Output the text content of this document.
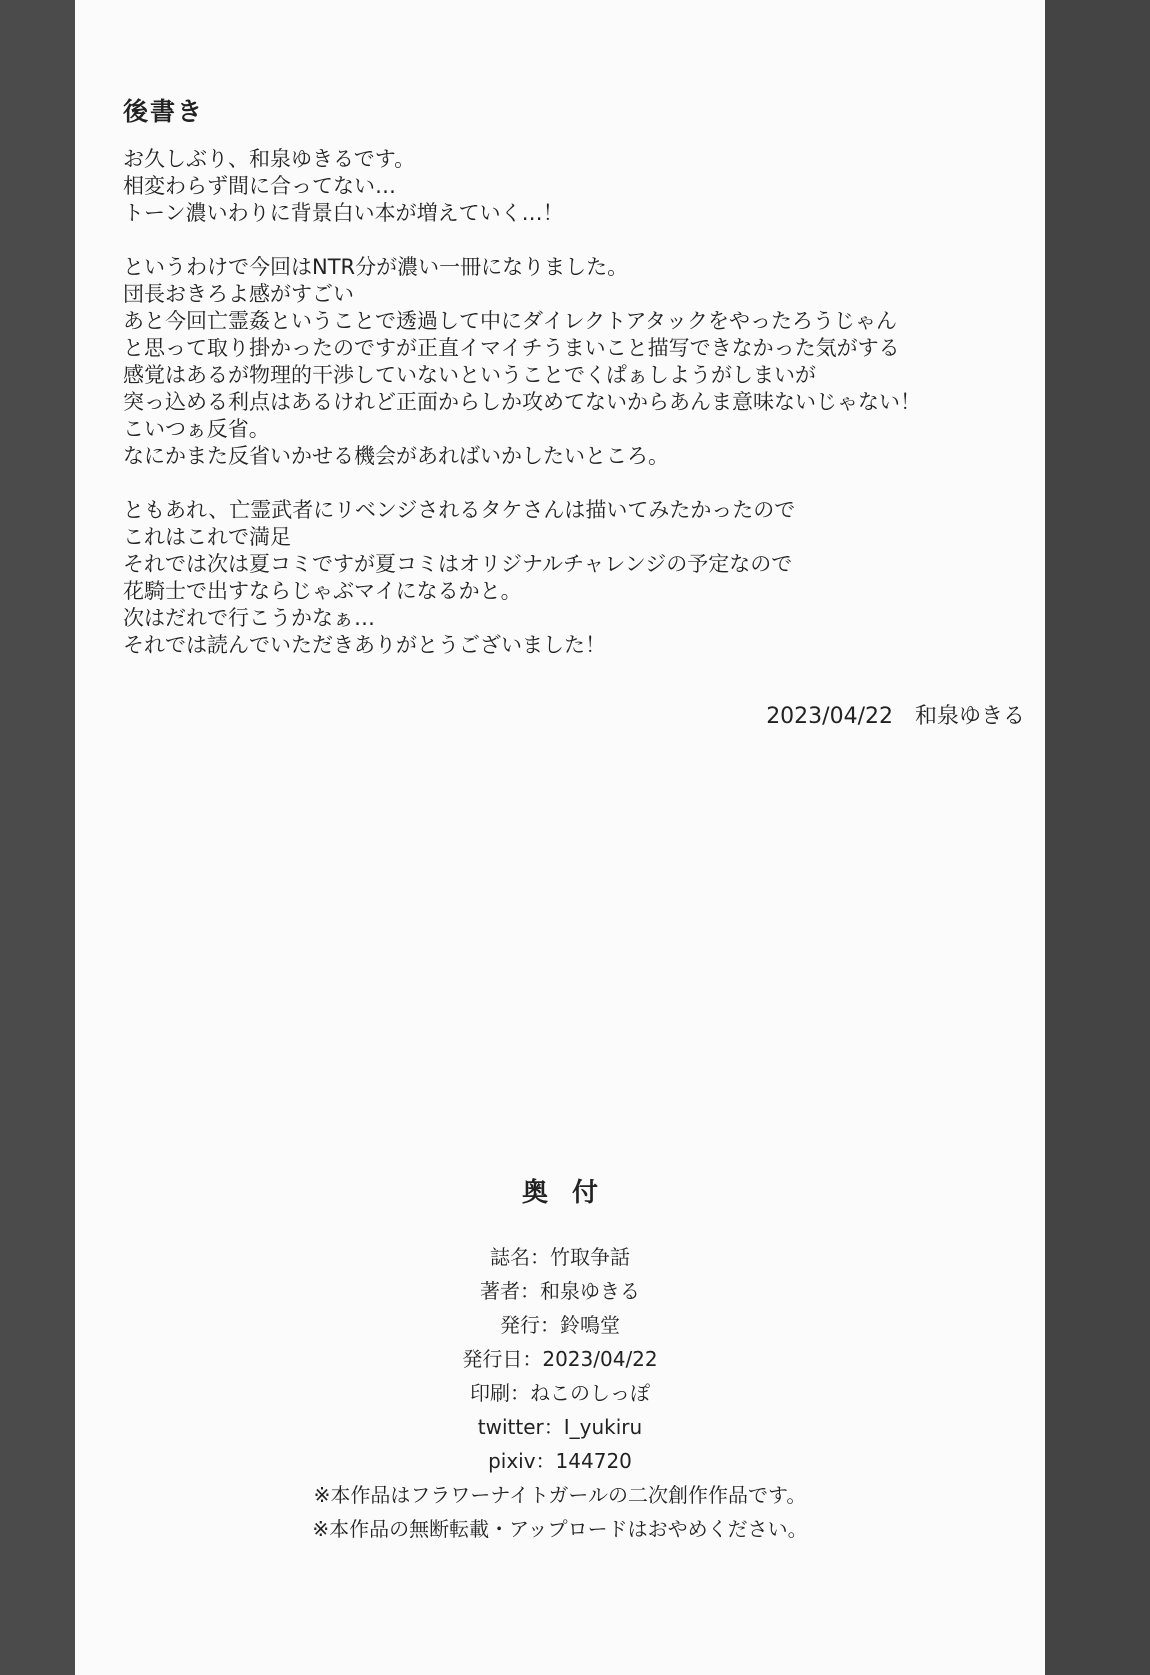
後書き
お久しぶり、和泉ゆきるです。
相変わらず間に合ってない…
トーン濃いわりに背景白い本が増えていく…！
というわけで今回はNTR分が濃い一冊になりました。
団長おきろよ感がすごい
あと今回亡霊姦ということで透過して中にダイレクトアタックをやったろうじゃん
と思って取り掛かったのですが正直イマイチうまいこと描写できなかった気がする
感覚はあるが物理的干渉していないということでくぱぁしようがしまいが
突っ込める利点はあるけれど正面からしか攻めてないからあんま意味ないじゃない！
こいつぁ反省。
なにかまた反省いかせる機会があればいかしたいところ。
ともあれ、亡霊武者にリベンジされるタケさんは描いてみたかったので
これはこれで満足
それでは次は夏コミですが夏コミはオリジナルチャレンジの予定なので
花騎士で出すならじゃぶマイになるかと。
次はだれで行こうかなぁ…
それでは読んでいただきありがとうございました！
2023/04/22　和泉ゆきる
奥付
誌名：竹取争話
著者：和泉ゆきる
発行：鈴鳴堂
発行日：2023/04/22
印刷：ねこのしっぽ
twitter：I_yukiru
pixiv：144720
※本作品はフラワーナイトガールの二次創作作品です。
※本作品の無断転載・アップロードはおやめください。
